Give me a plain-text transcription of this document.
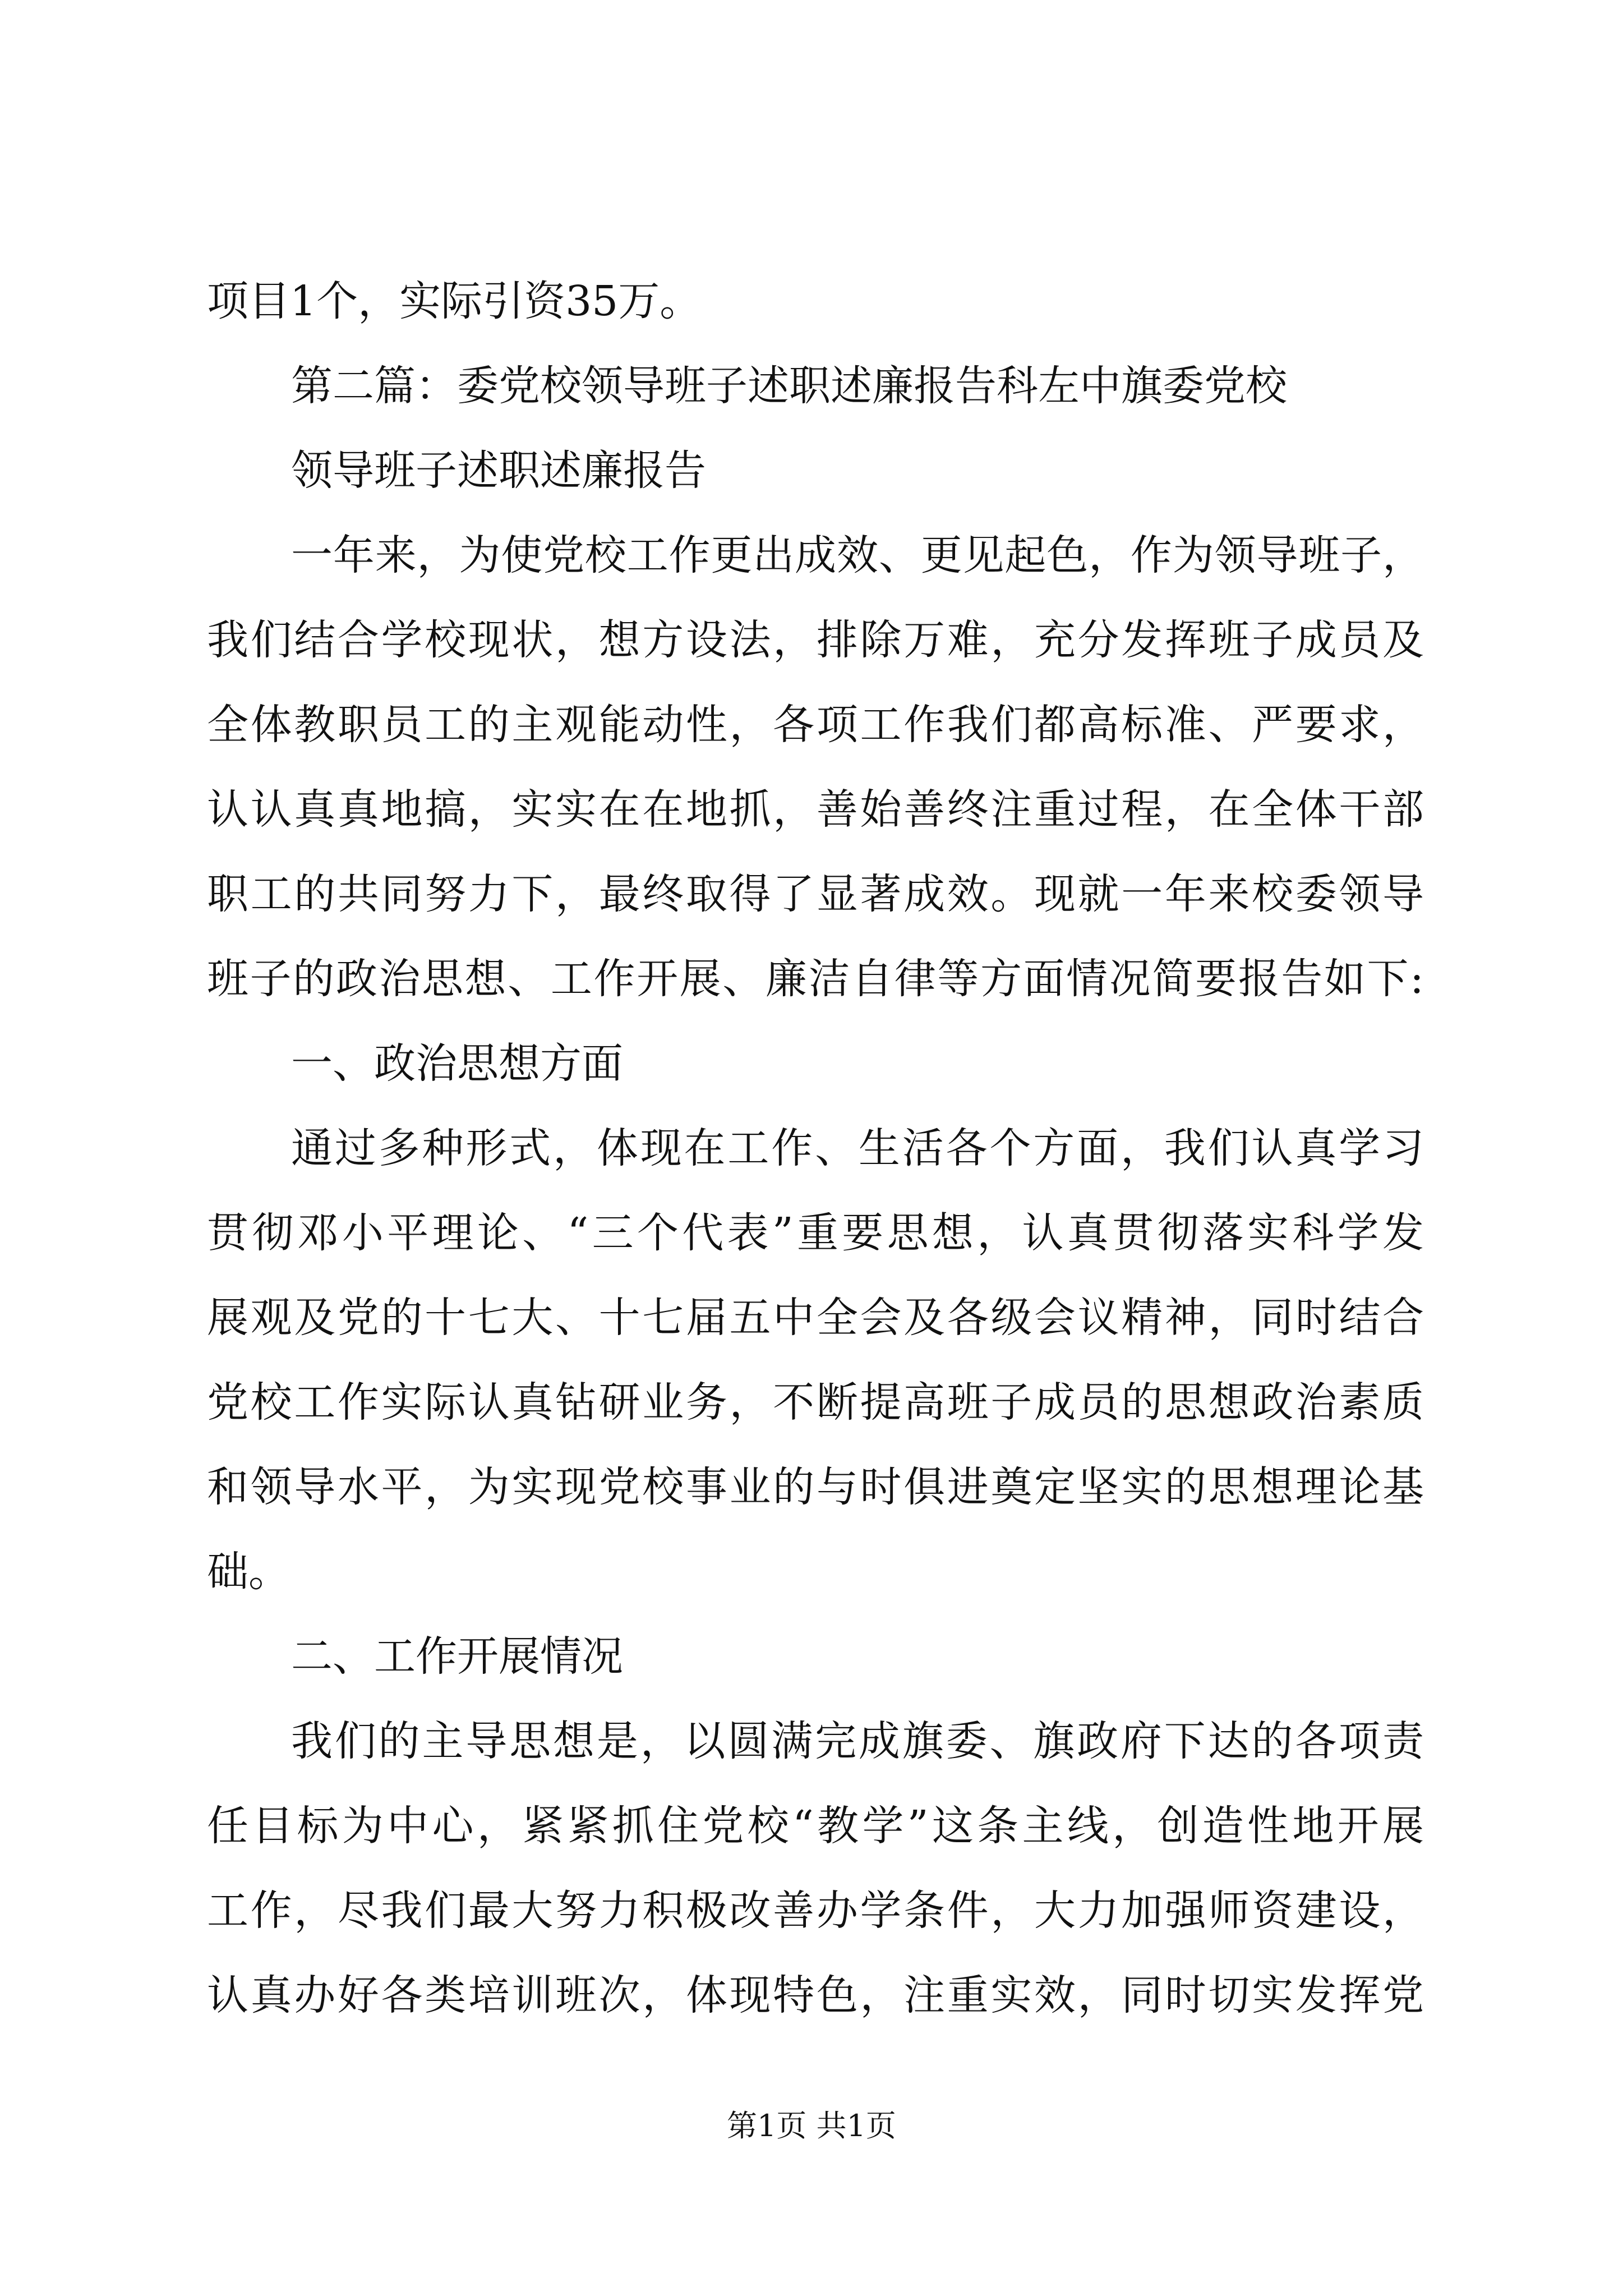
项目1个，实际引资35万。
第二篇：委党校领导班子述职述廉报告科左中旗委党校
领导班子述职述廉报告
一年来，为使党校工作更出成效、更见起色，作为领导班子，
我们结合学校现状，想方设法，排除万难，充分发挥班子成员及
全体教职员工的主观能动性，各项工作我们都高标准、严要求，
认认真真地搞，实实在在地抓，善始善终注重过程，在全体干部
职工的共同努力下，最终取得了显著成效。现就一年来校委领导
班子的政治思想、工作开展、廉洁自律等方面情况简要报告如下:
一、政治思想方面
通过多种形式，体现在工作、生活各个方面，我们认真学习
贯彻邓小平理论、“三个代表”重要思想，认真贯彻落实科学发
展观及党的十七大、十七届五中全会及各级会议精神，同时结合
党校工作实际认真钻研业务，不断提高班子成员的思想政治素质
和领导水平，为实现党校事业的与时俱进奠定坚实的思想理论基
础。
二、工作开展情况
我们的主导思想是，以圆满完成旗委、旗政府下达的各项责
任目标为中心，紧紧抓住党校“教学”这条主线，创造性地开展
工作，尽我们最大努力积极改善办学条件，大力加强师资建设，
认真办好各类培训班次，体现特色，注重实效，同时切实发挥党
第1页 共1页
